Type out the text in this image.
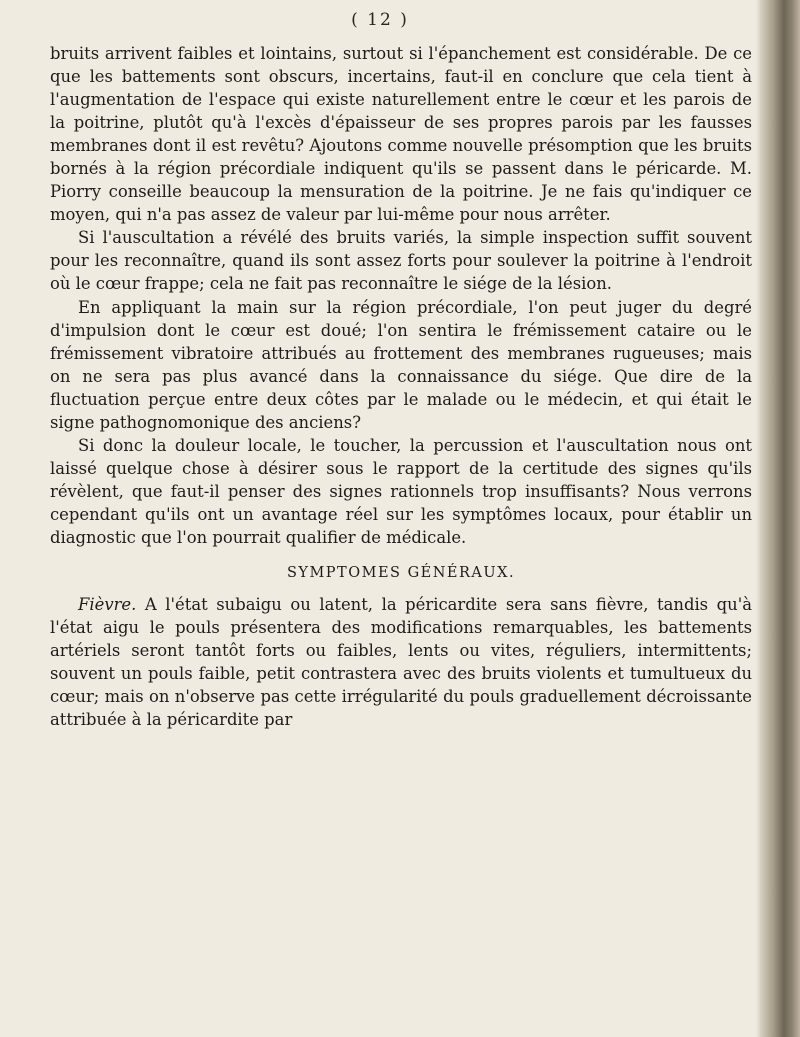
( 12 )

bruits arrivent faibles et lointains, surtout si l'épanchement est considérable. De ce que les battements sont obscurs, incertains, faut-il en conclure que cela tient à l'augmentation de l'espace qui existe naturellement entre le cœur et les parois de la poitrine, plutôt qu'à l'excès d'épaisseur de ses propres parois par les fausses membranes dont il est revêtu? Ajoutons comme nouvelle présomption que les bruits bornés à la région précordiale indiquent qu'ils se passent dans le péricarde. M. Piorry conseille beaucoup la mensuration de la poitrine. Je ne fais qu'indiquer ce moyen, qui n'a pas assez de valeur par lui-même pour nous arrêter.

Si l'auscultation a révélé des bruits variés, la simple inspection suffit souvent pour les reconnaître, quand ils sont assez forts pour soulever la poitrine à l'endroit où le cœur frappe; cela ne fait pas reconnaître le siége de la lésion.

En appliquant la main sur la région précordiale, l'on peut juger du degré d'impulsion dont le cœur est doué; l'on sentira le frémissement cataire ou le frémissement vibratoire attribués au frottement des membranes rugueuses; mais on ne sera pas plus avancé dans la connaissance du siége. Que dire de la fluctuation perçue entre deux côtes par le malade ou le médecin, et qui était le signe pathognomonique des anciens?

Si donc la douleur locale, le toucher, la percussion et l'auscultation nous ont laissé quelque chose à désirer sous le rapport de la certitude des signes qu'ils révèlent, que faut-il penser des signes rationnels trop insuffisants? Nous verrons cependant qu'ils ont un avantage réel sur les symptômes locaux, pour établir un diagnostic que l'on pourrait qualifier de médicale.

SYMPTOMES GÉNÉRAUX.

Fièvre. A l'état subaigu ou latent, la péricardite sera sans fièvre, tandis qu'à l'état aigu le pouls présentera des modifications remarquables, les battements artériels seront tantôt forts ou faibles, lents ou vites, réguliers, intermittents; souvent un pouls faible, petit contrastera avec des bruits violents et tumultueux du cœur; mais on n'observe pas cette irrégularité du pouls graduellement décroissante attribuée à la péricardite par
